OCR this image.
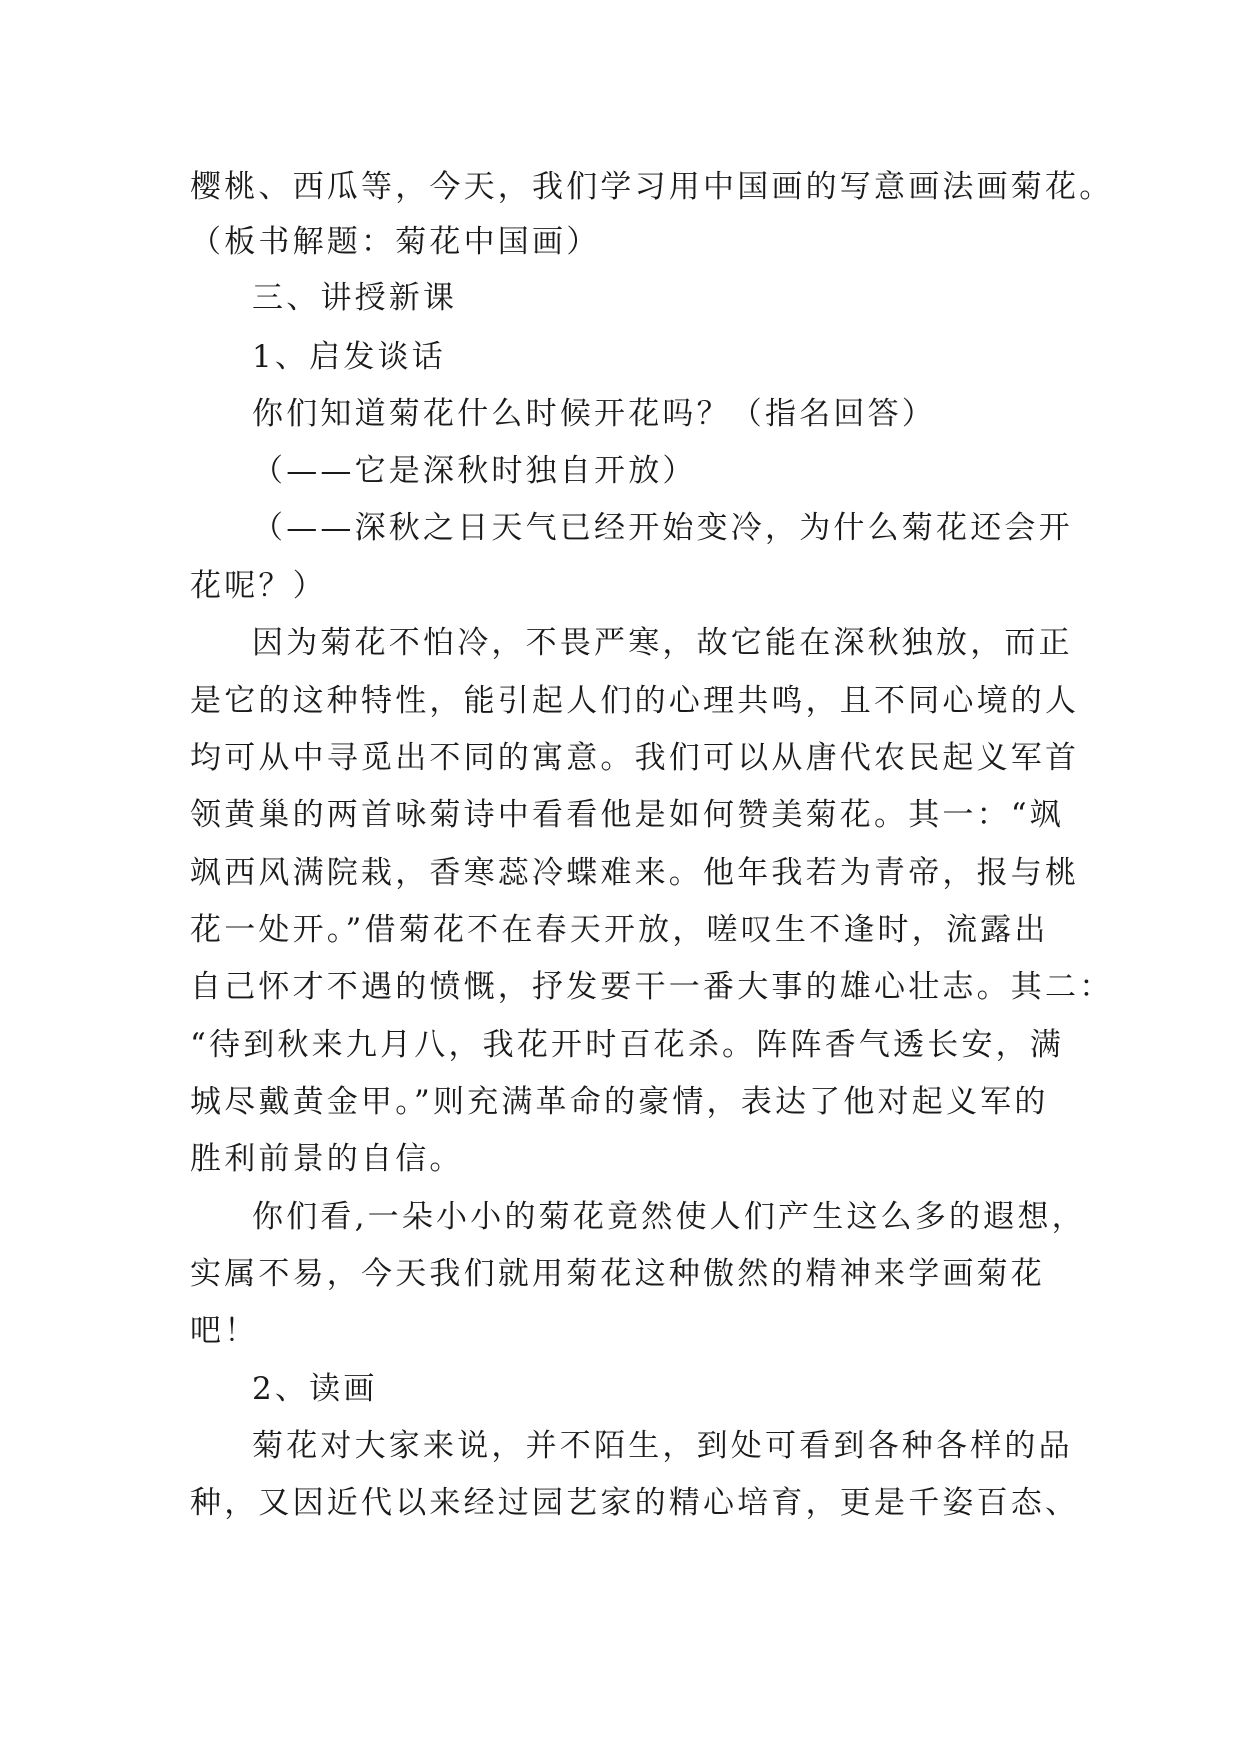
樱桃、西瓜等，今天，我们学习用中国画的写意画法画菊花。

（板书解题：菊花中国画）

三、讲授新课

1、启发谈话

你们知道菊花什么时候开花吗？（指名回答）

（——它是深秋时独自开放）

（——深秋之日天气已经开始变冷，为什么菊花还会开

花呢？）

因为菊花不怕冷，不畏严寒，故它能在深秋独放，而正

是它的这种特性，能引起人们的心理共鸣，且不同心境的人

均可从中寻觅出不同的寓意。我们可以从唐代农民起义军首

领黄巢的两首咏菊诗中看看他是如何赞美菊花。其一：“飒

飒西风满院栽，香寒蕊冷蝶难来。他年我若为青帝，报与桃

花一处开。”借菊花不在春天开放，嗟叹生不逢时，流露出

自己怀才不遇的愤慨，抒发要干一番大事的雄心壮志。其二：

“待到秋来九月八，我花开时百花杀。阵阵香气透长安，满

城尽戴黄金甲。”则充满革命的豪情，表达了他对起义军的

胜利前景的自信。

你们看,一朵小小的菊花竟然使人们产生这么多的遐想，

实属不易，今天我们就用菊花这种傲然的精神来学画菊花

吧！

2、读画

菊花对大家来说，并不陌生，到处可看到各种各样的品

种，又因近代以来经过园艺家的精心培育，更是千姿百态、
